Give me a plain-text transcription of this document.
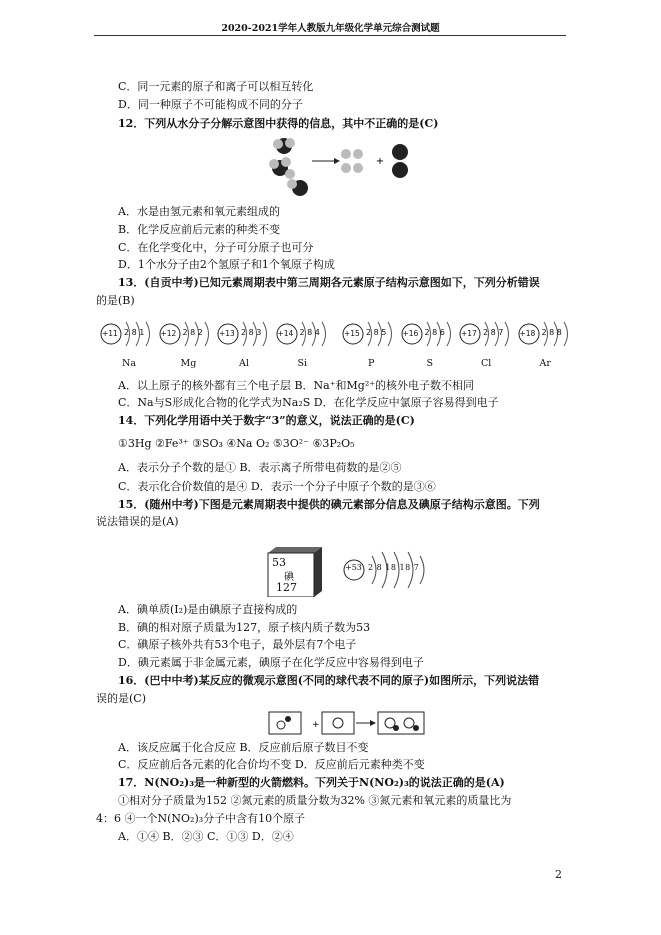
2020-2021学年人教版九年级化学单元综合测试题
C．同一元素的原子和离子可以相互转化
D．同一种原子不可能构成不同的分子
12．下列从水分子分解示意图中获得的信息，其中不正确的是(C)
+
A．水是由氢元素和氧元素组成的
B．化学反应前后元素的种类不变
C．在化学变化中，分子可分原子也可分
D．1个水分子由2个氢原子和1个氧原子构成
13．(自贡中考)已知元素周期表中第三周期各元素原子结构示意图如下，下列分析错误
的是(B)
+11 2 8 1
Na
+12 2 8 2
Mg
+13 2 8 3
Al
+14 2 8 4
Si
+15 2 8 5
P
+16 2 8 6
S
+17 2 8 7
Cl
+18 2 8 8
Ar
A．以上原子的核外都有三个电子层 B．Na⁺和Mg²⁺的核外电子数不相同
C．Na与S形成化合物的化学式为Na₂S D．在化学反应中氯原子容易得到电子
14．下列化学用语中关于数字“3”的意义，说法正确的是(C)
①3Hg ②Fe³⁺ ③SO₃ ④Na O₂ ⑤3O²⁻ ⑥3P₂O₅
A．表示分子个数的是① B．表示离子所带电荷数的是②⑤
C．表示化合价数值的是④ D．表示一个分子中原子个数的是③⑥
15．(随州中考)下图是元素周期表中提供的碘元素部分信息及碘原子结构示意图。下列
说法错误的是(A)
53
碘
127
+53 2 8 18 18 7
A．碘单质(I₂)是由碘原子直接构成的
B．碘的相对原子质量为127，原子核内质子数为53
C．碘原子核外共有53个电子，最外层有7个电子
D．碘元素属于非金属元素，碘原子在化学反应中容易得到电子
16．(巴中中考)某反应的微观示意图(不同的球代表不同的原子)如图所示，下列说法错
误的是(C)
+
A．该反应属于化合反应 B．反应前后原子数目不变
C．反应前后各元素的化合价均不变 D．反应前后元素种类不变
17．N(NO₂)₃是一种新型的火箭燃料。下列关于N(NO₂)₃的说法正确的是(A)
①相对分子质量为152 ②氮元素的质量分数为32% ③氮元素和氧元素的质量比为
4：6 ④一个N(NO₂)₃分子中含有10个原子
A．①④ B．②③ C．①③ D．②④
2
